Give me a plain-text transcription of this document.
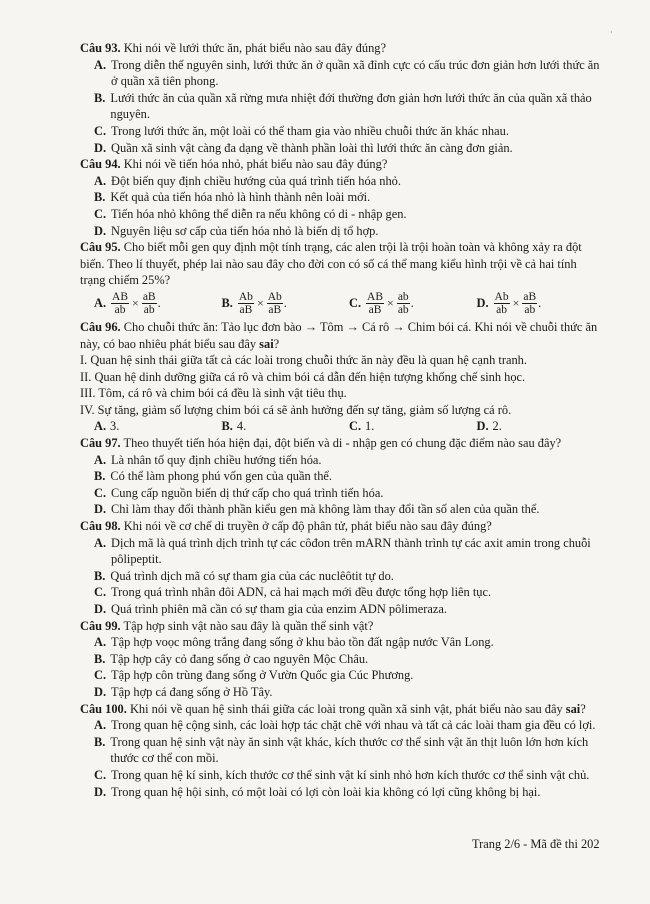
Câu 93. Khi nói về lưới thức ăn, phát biểu nào sau đây đúng?

A. Trong diễn thế nguyên sinh, lưới thức ăn ở quần xã đỉnh cực có cấu trúc đơn giản hơn lưới thức ăn ở quần xã tiên phong.
B. Lưới thức ăn của quần xã rừng mưa nhiệt đới thường đơn giản hơn lưới thức ăn của quần xã thảo nguyên.
C. Trong lưới thức ăn, một loài có thể tham gia vào nhiều chuỗi thức ăn khác nhau.
D. Quần xã sinh vật càng đa dạng về thành phần loài thì lưới thức ăn càng đơn giản.

Câu 94. Khi nói về tiến hóa nhỏ, phát biểu nào sau đây đúng?

A. Đột biến quy định chiều hướng của quá trình tiến hóa nhỏ.
B. Kết quả của tiến hóa nhỏ là hình thành nên loài mới.
C. Tiến hóa nhỏ không thể diễn ra nếu không có di - nhập gen.
D. Nguyên liệu sơ cấp của tiến hóa nhỏ là biến dị tổ hợp.

Câu 95. Cho biết mỗi gen quy định một tính trạng, các alen trội là trội hoàn toàn và không xảy ra đột biến. Theo lí thuyết, phép lai nào sau đây cho đời con có số cá thể mang kiểu hình trội về cả hai tính trạng chiếm 25%?

A. $\frac{AB}{ab} \times \frac{aB}{ab}$ .	B. $\frac{Ab}{aB} \times \frac{Ab}{aB}$ .	C. $\frac{AB}{aB} \times \frac{ab}{ab}$ .	D. $\frac{Ab}{ab} \times \frac{aB}{ab}$ .

Câu 96. Cho chuỗi thức ăn: Tảo lục đơn bào → Tôm → Cá rô → Chim bói cá. Khi nói về chuỗi thức ăn này, có bao nhiêu phát biểu sau đây sai?

I. Quan hệ sinh thái giữa tất cả các loài trong chuỗi thức ăn này đều là quan hệ cạnh tranh.
II. Quan hệ dinh dưỡng giữa cá rô và chim bói cá dẫn đến hiện tượng khống chế sinh học.
III. Tôm, cá rô và chim bói cá đều là sinh vật tiêu thụ.
IV. Sự tăng, giảm số lượng chim bói cá sẽ ảnh hưởng đến sự tăng, giảm số lượng cá rô.
A. 3.	B. 4.	C. 1.	D. 2.

Câu 97. Theo thuyết tiến hóa hiện đại, đột biến và di - nhập gen có chung đặc điểm nào sau đây?

A. Là nhân tố quy định chiều hướng tiến hóa.
B. Có thể làm phong phú vốn gen của quần thể.
C. Cung cấp nguồn biến dị thứ cấp cho quá trình tiến hóa.
D. Chỉ làm thay đổi thành phần kiểu gen mà không làm thay đổi tần số alen của quần thể.

Câu 98. Khi nói về cơ chế di truyền ở cấp độ phân tử, phát biểu nào sau đây đúng?

A. Dịch mã là quá trình dịch trình tự các côđon trên mARN thành trình tự các axit amin trong chuỗi pôlipeptit.
B. Quá trình dịch mã có sự tham gia của các nuclêôtit tự do.
C. Trong quá trình nhân đôi ADN, cả hai mạch mới đều được tổng hợp liên tục.
D. Quá trình phiên mã cần có sự tham gia của enzim ADN pôlimeraza.

Câu 99. Tập hợp sinh vật nào sau đây là quần thể sinh vật?

A. Tập hợp voọc mông trắng đang sống ở khu bảo tồn đất ngập nước Vân Long.
B. Tập hợp cây cỏ đang sống ở cao nguyên Mộc Châu.
C. Tập hợp côn trùng đang sống ở Vườn Quốc gia Cúc Phương.
D. Tập hợp cá đang sống ở Hồ Tây.

Câu 100. Khi nói về quan hệ sinh thái giữa các loài trong quần xã sinh vật, phát biểu nào sau đây sai?

A. Trong quan hệ cộng sinh, các loài hợp tác chặt chẽ với nhau và tất cả các loài tham gia đều có lợi.
B. Trong quan hệ sinh vật này ăn sinh vật khác, kích thước cơ thể sinh vật ăn thịt luôn lớn hơn kích thước cơ thể con mồi.
C. Trong quan hệ kí sinh, kích thước cơ thể sinh vật kí sinh nhỏ hơn kích thước cơ thể sinh vật chủ.
D. Trong quan hệ hội sinh, có một loài có lợi còn loài kia không có lợi cũng không bị hại.
Trang 2/6 - Mã đề thi 202
·
